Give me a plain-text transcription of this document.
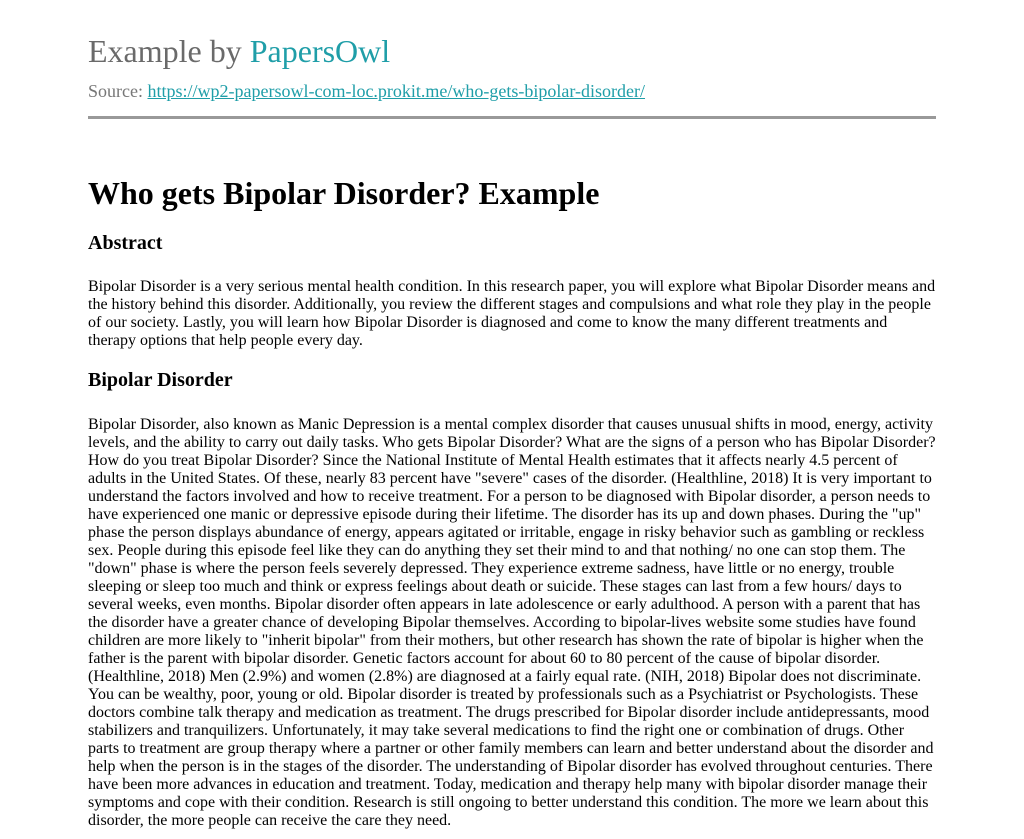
Example by PapersOwl
Source: https://wp2-papersowl-com-loc.prokit.me/who-gets-bipolar-disorder/
Who gets Bipolar Disorder? Example
Abstract

Bipolar Disorder is a very serious mental health condition. In this research paper, you will explore what Bipolar Disorder means and the history behind this disorder. Additionally, you review the different stages and compulsions and what role they play in the people of our society. Lastly, you will learn how Bipolar Disorder is diagnosed and come to know the many different treatments and therapy options that help people every day.

Bipolar Disorder

Bipolar Disorder, also known as Manic Depression is a mental complex disorder that causes unusual shifts in mood, energy, activity levels, and the ability to carry out daily tasks. Who gets Bipolar Disorder? What are the signs of a person who has Bipolar Disorder? How do you treat Bipolar Disorder? Since the National Institute of Mental Health estimates that it affects nearly 4.5 percent of adults in the United States. Of these, nearly 83 percent have "severe" cases of the disorder. (Healthline, 2018) It is very important to understand the factors involved and how to receive treatment. For a person to be diagnosed with Bipolar disorder, a person needs to have experienced one manic or depressive episode during their lifetime. The disorder has its up and down phases. During the "up" phase the person displays abundance of energy, appears agitated or irritable, engage in risky behavior such as gambling or reckless sex. People during this episode feel like they can do anything they set their mind to and that nothing/ no one can stop them. The "down" phase is where the person feels severely depressed. They experience extreme sadness, have little or no energy, trouble sleeping or sleep too much and think or express feelings about death or suicide. These stages can last from a few hours/ days to several weeks, even months. Bipolar disorder often appears in late adolescence or early adulthood. A person with a parent that has the disorder have a greater chance of developing Bipolar themselves. According to bipolar-lives website some studies have found children are more likely to "inherit bipolar" from their mothers, but other research has shown the rate of bipolar is higher when the father is the parent with bipolar disorder. Genetic factors account for about 60 to 80 percent of the cause of bipolar disorder. (Healthline, 2018) Men (2.9%) and women (2.8%) are diagnosed at a fairly equal rate. (NIH, 2018) Bipolar does not discriminate. You can be wealthy, poor, young or old. Bipolar disorder is treated by professionals such as a Psychiatrist or Psychologists. These doctors combine talk therapy and medication as treatment. The drugs prescribed for Bipolar disorder include antidepressants, mood stabilizers and tranquilizers. Unfortunately, it may take several medications to find the right one or combination of drugs. Other parts to treatment are group therapy where a partner or other family members can learn and better understand about the disorder and help when the person is in the stages of the disorder. The understanding of Bipolar disorder has evolved throughout centuries. There have been more advances in education and treatment. Today, medication and therapy help many with bipolar disorder manage their symptoms and cope with their condition. Research is still ongoing to better understand this condition. The more we learn about this disorder, the more people can receive the care they need.
